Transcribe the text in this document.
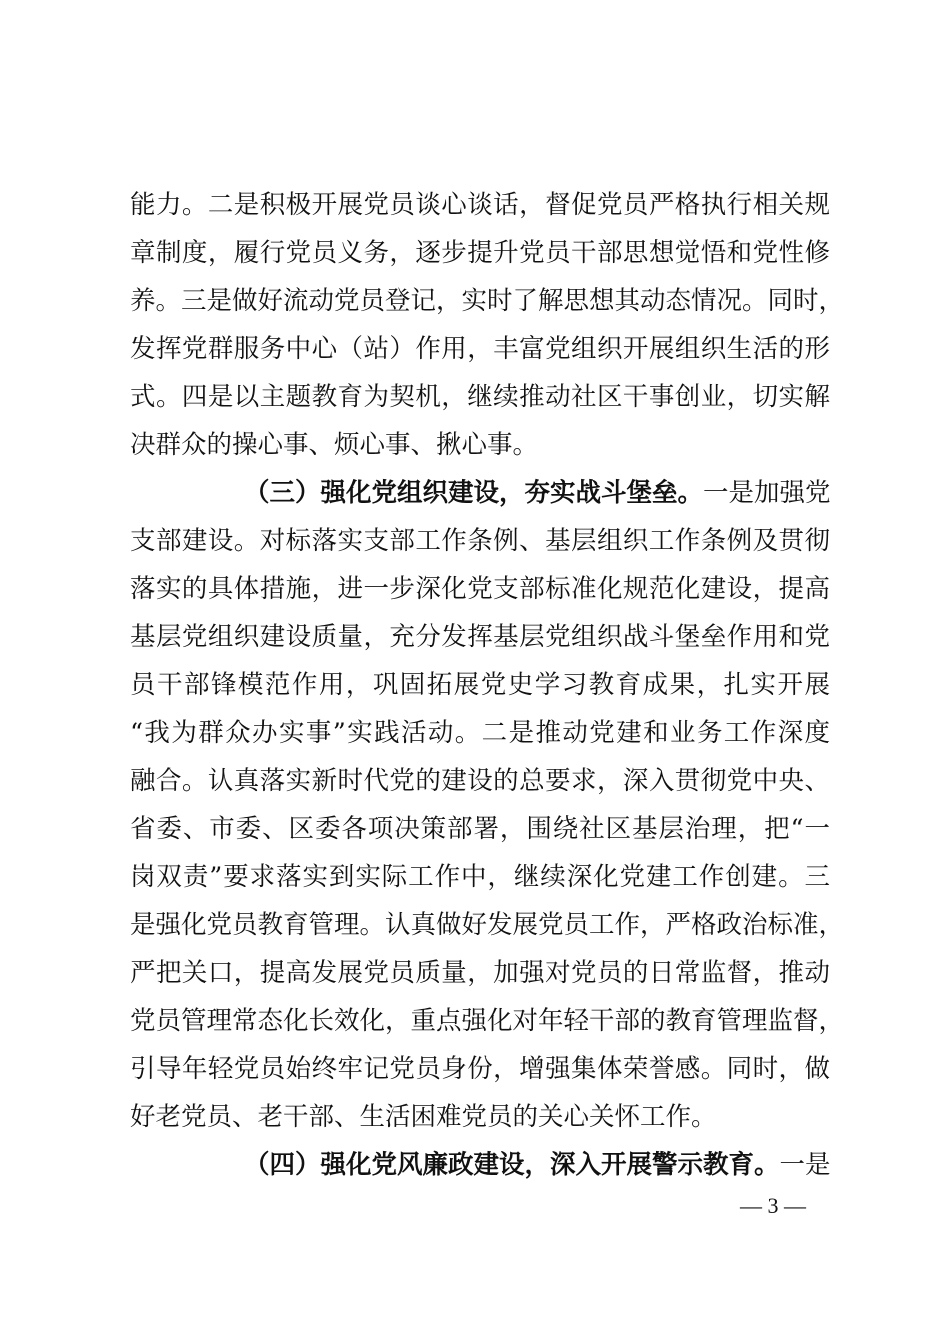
能力。二是积极开展党员谈心谈话，督促党员严格执行相关规
章制度，履行党员义务，逐步提升党员干部思想觉悟和党性修
养。三是做好流动党员登记，实时了解思想其动态情况。同时，
发挥党群服务中心（站）作用，丰富党组织开展组织生活的形
式。四是以主题教育为契机，继续推动社区干事创业，切实解
决群众的操心事、烦心事、揪心事。
（三）强化党组织建设，夯实战斗堡垒。一是加强党
支部建设。对标落实支部工作条例、基层组织工作条例及贯彻
落实的具体措施，进一步深化党支部标准化规范化建设，提高
基层党组织建设质量，充分发挥基层党组织战斗堡垒作用和党
员干部锋模范作用，巩固拓展党史学习教育成果，扎实开展
“我为群众办实事”实践活动。二是推动党建和业务工作深度
融合。认真落实新时代党的建设的总要求，深入贯彻党中央、
省委、市委、区委各项决策部署，围绕社区基层治理，把“一
岗双责”要求落实到实际工作中，继续深化党建工作创建。三
是强化党员教育管理。认真做好发展党员工作，严格政治标准，
严把关口，提高发展党员质量，加强对党员的日常监督，推动
党员管理常态化长效化，重点强化对年轻干部的教育管理监督，
引导年轻党员始终牢记党员身份，增强集体荣誉感。同时，做
好老党员、老干部、生活困难党员的关心关怀工作。
（四）强化党风廉政建设，深入开展警示教育。一是
— 3 —
